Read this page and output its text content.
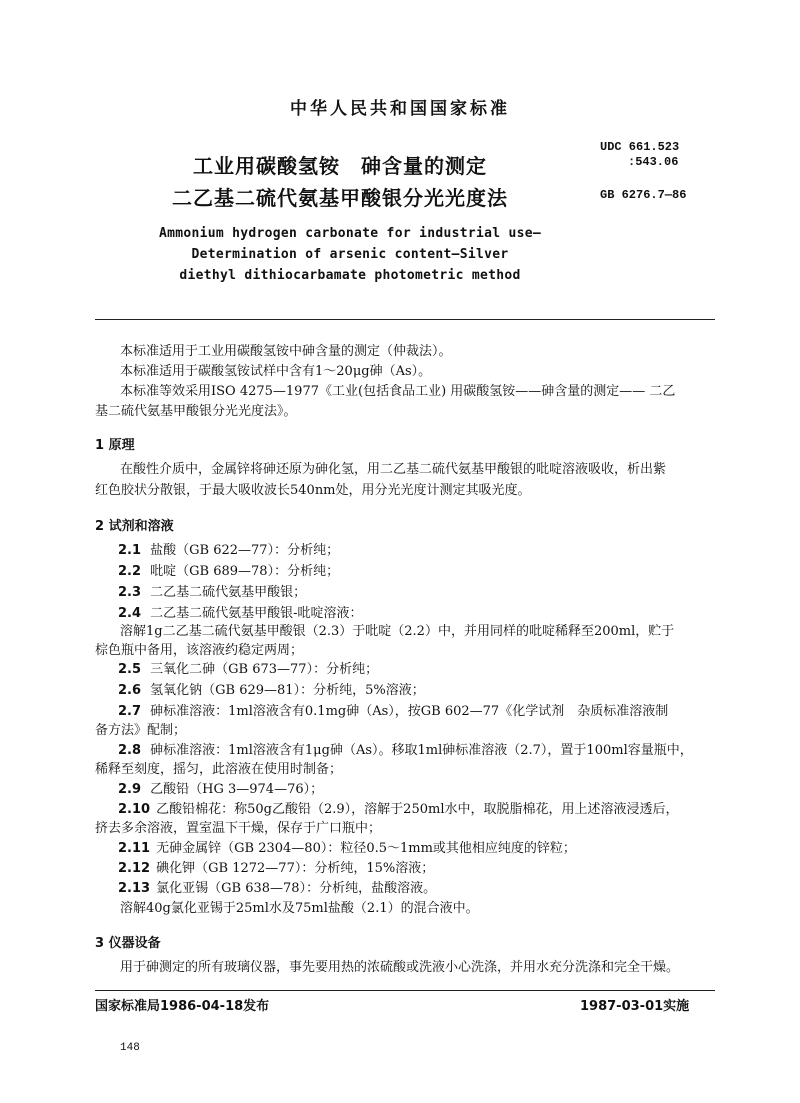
中华人民共和国国家标准
工业用碳酸氢铵　砷含量的测定
二乙基二硫代氨基甲酸银分光光度法
UDC 661.523
:543.06
GB 6276.7—86
Ammonium hydrogen carbonate for industrial use—
Determination of arsenic content—Silver
diethyl dithiocarbamate photometric method
本标准适用于工业用碳酸氢铵中砷含量的测定（仲裁法）。
本标准适用于碳酸氢铵试样中含有1～20μg砷（As）。
本标准等效采用ISO 4275—1977《工业(包括食品工业) 用碳酸氢铵——砷含量的测定—— 二乙
基二硫代氨基甲酸银分光光度法》。
1 原理
在酸性介质中，金属锌将砷还原为砷化氢，用二乙基二硫代氨基甲酸银的吡啶溶液吸收，析出紫
红色胶状分散银，于最大吸收波长540nm处，用分光光度计测定其吸光度。
2 试剂和溶液
2.1 盐酸（GB 622—77）：分析纯；
2.2 吡啶（GB 689—78）：分析纯；
2.3 二乙基二硫代氨基甲酸银；
2.4 二乙基二硫代氨基甲酸银-吡啶溶液：
溶解1g二乙基二硫代氨基甲酸银（2.3）于吡啶（2.2）中，并用同样的吡啶稀释至200ml，贮于
棕色瓶中备用，该溶液约稳定两周；
2.5 三氧化二砷（GB 673—77）：分析纯；
2.6 氢氧化钠（GB 629—81）：分析纯，5%溶液；
2.7 砷标准溶液：1ml溶液含有0.1mg砷（As），按GB 602—77《化学试剂　杂质标准溶液制
备方法》配制；
2.8 砷标准溶液：1ml溶液含有1μg砷（As）。移取1ml砷标准溶液（2.7），置于100ml容量瓶中，
稀释至刻度，摇匀，此溶液在使用时制备；
2.9 乙酸铅（HG 3—974—76）；
2.10 乙酸铅棉花：称50g乙酸铅（2.9），溶解于250ml水中，取脱脂棉花，用上述溶液浸透后，
挤去多余溶液，置室温下干燥，保存于广口瓶中；
2.11 无砷金属锌（GB 2304—80）：粒径0.5～1mm或其他相应纯度的锌粒；
2.12 碘化钾（GB 1272—77）：分析纯，15%溶液；
2.13 氯化亚锡（GB 638—78）：分析纯，盐酸溶液。
溶解40g氯化亚锡于25ml水及75ml盐酸（2.1）的混合液中。
3 仪器设备
用于砷测定的所有玻璃仪器，事先要用热的浓硫酸或洗液小心洗涤，并用水充分洗涤和完全干燥。
国家标准局1986-04-18发布	1987-03-01实施
148
